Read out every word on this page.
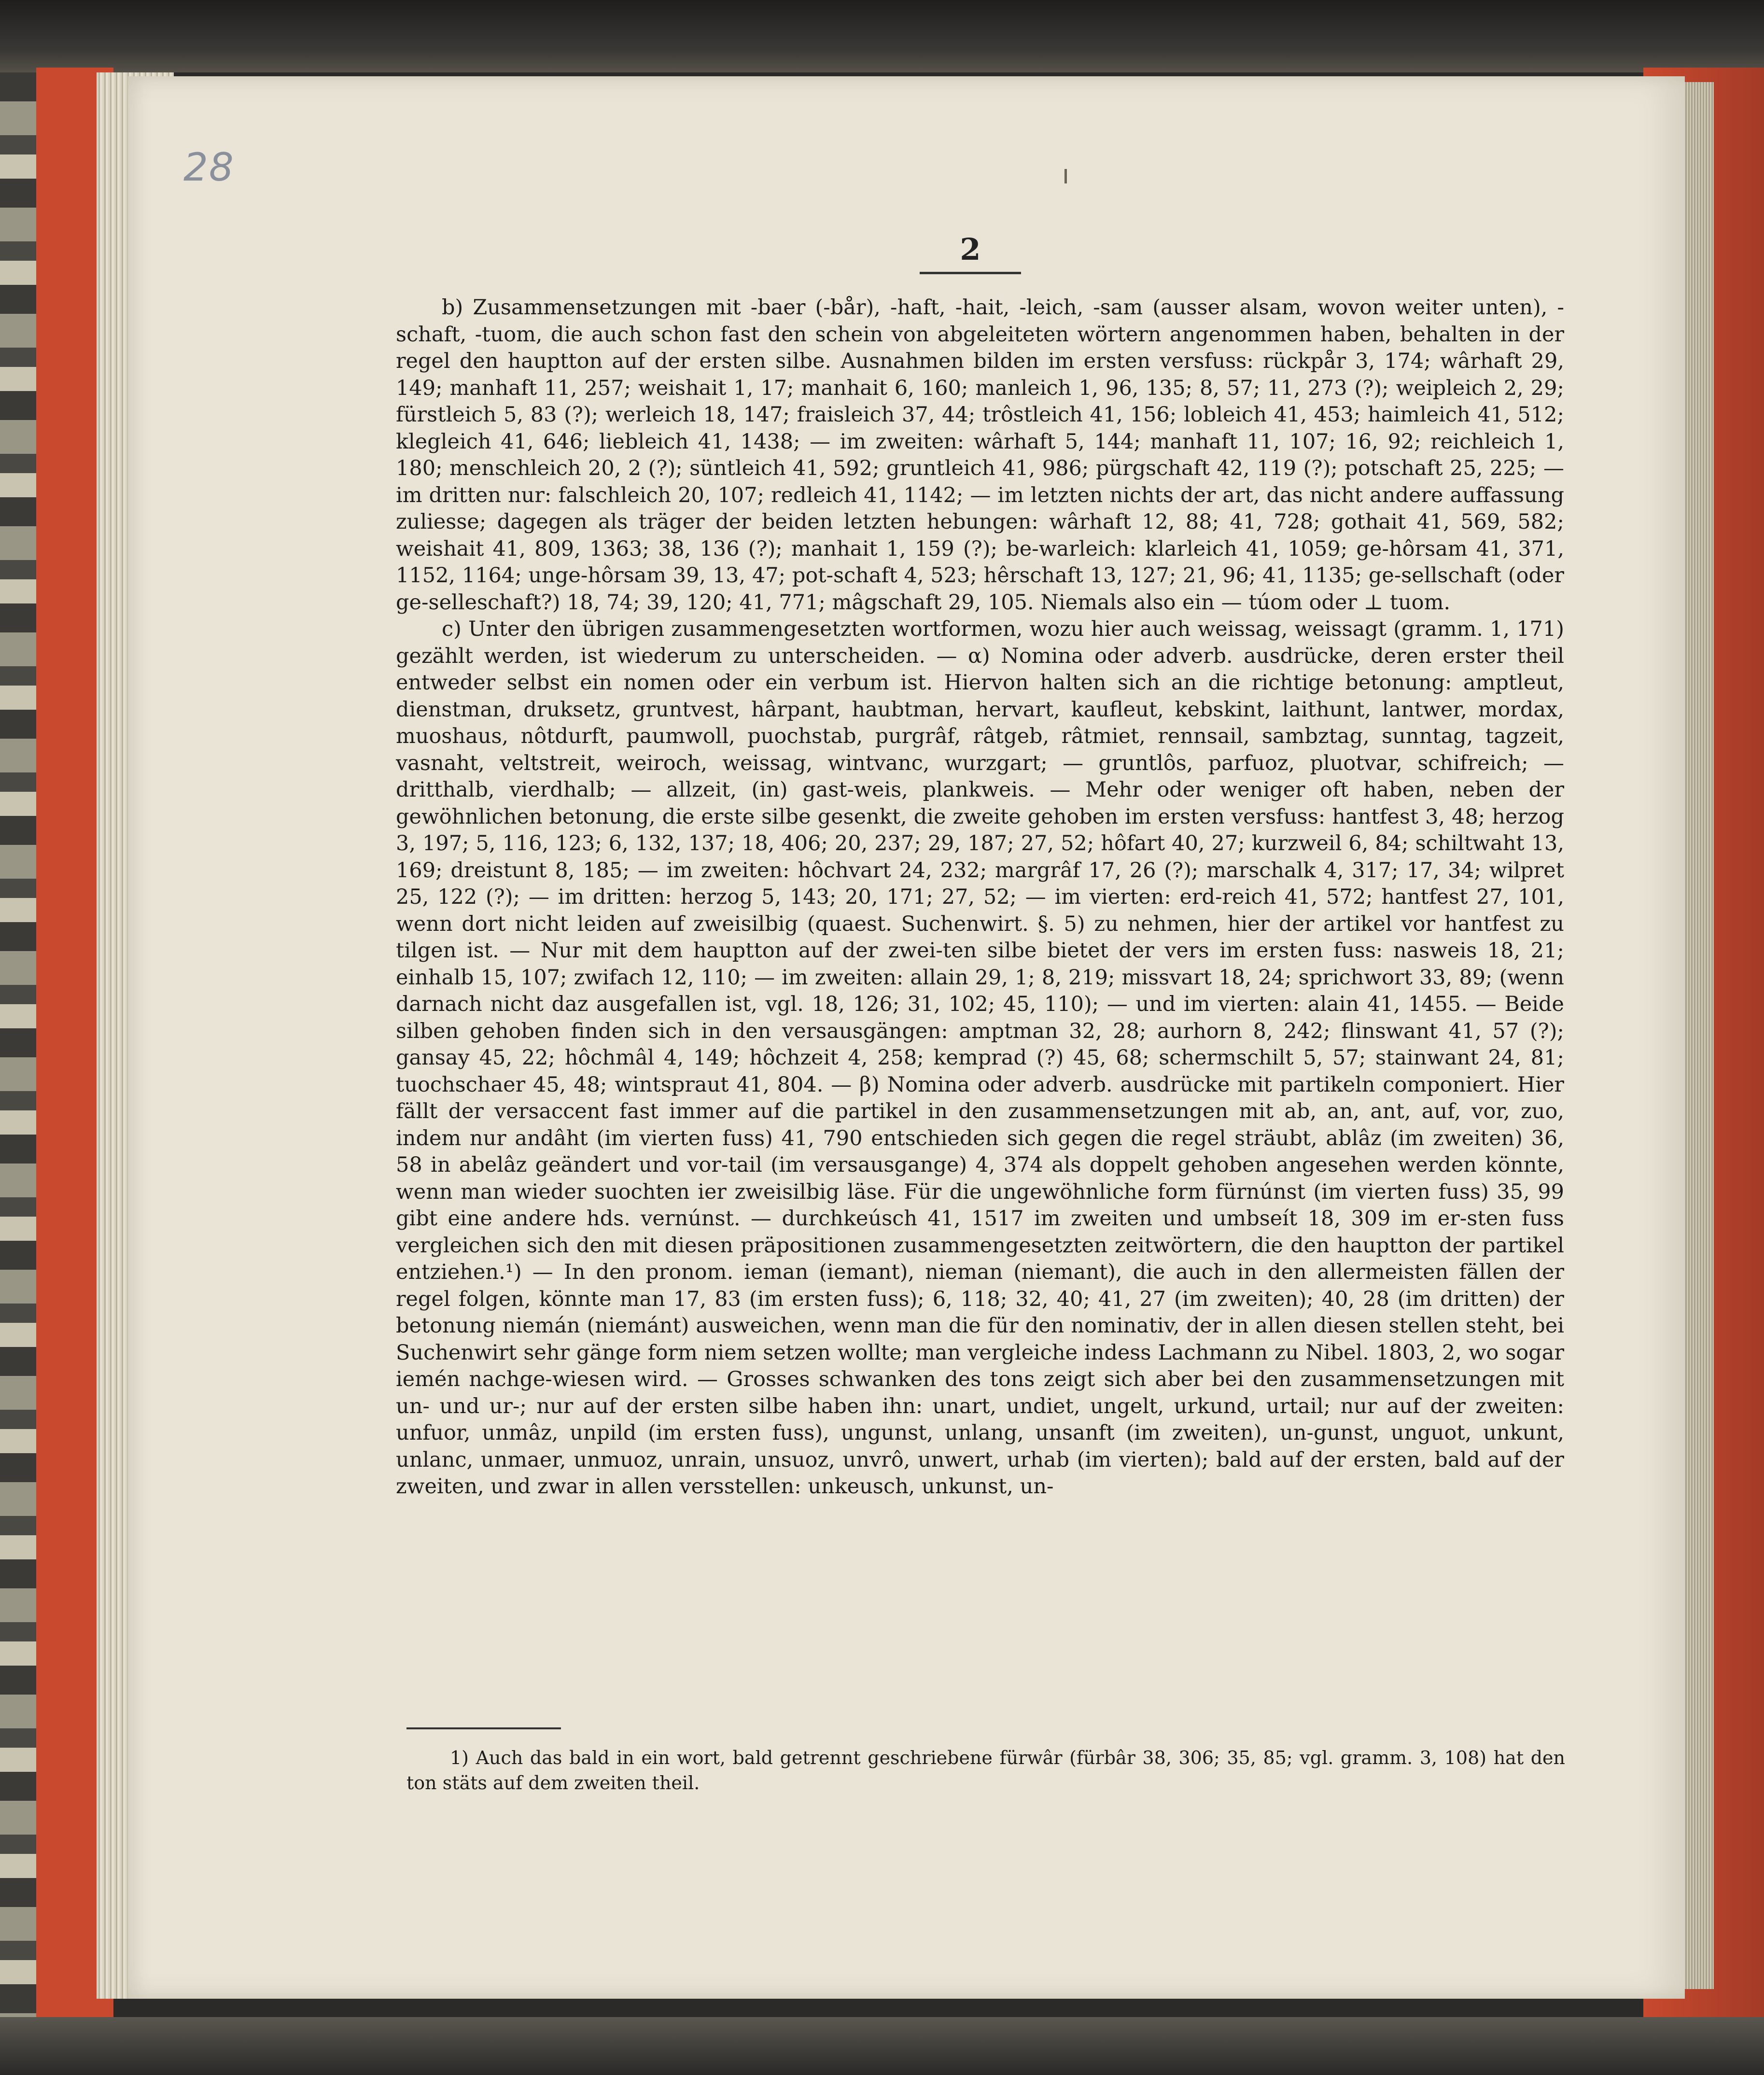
28
2

b) Zusammensetzungen mit -baer (-bår), -haft, -hait, -leich, -sam (ausser alsam, wovon weiter unten), -schaft, -tuom, die auch schon fast den schein von abgeleiteten wörtern angenommen haben, behalten in der regel den hauptton auf der ersten silbe. Ausnahmen bilden im ersten versfuss: rückpår 3, 174; wârhaft 29, 149; manhaft 11, 257; weishait 1, 17; manhait 6, 160; manleich 1, 96, 135; 8, 57; 11, 273 (?); weipleich 2, 29; fürstleich 5, 83 (?); werleich 18, 147; fraisleich 37, 44; trôstleich 41, 156; lobleich 41, 453; haimleich 41, 512; klegleich 41, 646; liebleich 41, 1438; — im zweiten: wârhaft 5, 144; manhaft 11, 107; 16, 92; reichleich 1, 180; menschleich 20, 2 (?); süntleich 41, 592; gruntleich 41, 986; pürgschaft 42, 119 (?); potschaft 25, 225; — im dritten nur: falschleich 20, 107; redleich 41, 1142; — im letzten nichts der art, das nicht andere auffassung zuliesse; dagegen als träger der beiden letzten hebungen: wârhaft 12, 88; 41, 728; gothait 41, 569, 582; weishait 41, 809, 1363; 38, 136 (?); manhait 1, 159 (?); be-warleich: klarleich 41, 1059; ge-hôrsam 41, 371, 1152, 1164; unge-hôrsam 39, 13, 47; pot-schaft 4, 523; hêrschaft 13, 127; 21, 96; 41, 1135; ge-sellschaft (oder ge-selleschaft?) 18, 74; 39, 120; 41, 771; mâgschaft 29, 105. Niemals also ein — túom oder ⊥ tuom.

c) Unter den übrigen zusammengesetzten wortformen, wozu hier auch weissag, weissagt (gramm. 1, 171) gezählt werden, ist wiederum zu unterscheiden. — α) Nomina oder adverb. ausdrücke, deren erster theil entweder selbst ein nomen oder ein verbum ist. Hiervon halten sich an die richtige betonung: amptleut, dienstman, druksetz, gruntvest, hârpant, haubtman, hervart, kaufleut, kebskint, laithunt, lantwer, mordax, muoshaus, nôtdurft, paumwoll, puochstab, purgrâf, râtgeb, râtmiet, rennsail, sambztag, sunntag, tagzeit, vasnaht, veltstreit, weiroch, weissag, wintvanc, wurzgart; — gruntlôs, parfuoz, pluotvar, schifreich; — dritthalb, vierdhalb; — allzeit, (in) gast-weis, plankweis. — Mehr oder weniger oft haben, neben der gewöhnlichen betonung, die erste silbe gesenkt, die zweite gehoben im ersten versfuss: hantfest 3, 48; herzog 3, 197; 5, 116, 123; 6, 132, 137; 18, 406; 20, 237; 29, 187; 27, 52; hôfart 40, 27; kurzweil 6, 84; schiltwaht 13, 169; dreistunt 8, 185; — im zweiten: hôchvart 24, 232; margrâf 17, 26 (?); marschalk 4, 317; 17, 34; wilpret 25, 122 (?); — im dritten: herzog 5, 143; 20, 171; 27, 52; — im vierten: erd-reich 41, 572; hantfest 27, 101, wenn dort nicht leiden auf zweisilbig (quaest. Suchenwirt. §. 5) zu nehmen, hier der artikel vor hantfest zu tilgen ist. — Nur mit dem hauptton auf der zwei-ten silbe bietet der vers im ersten fuss: nasweis 18, 21; einhalb 15, 107; zwifach 12, 110; — im zweiten: allain 29, 1; 8, 219; missvart 18, 24; sprichwort 33, 89; (wenn darnach nicht daz ausgefallen ist, vgl. 18, 126; 31, 102; 45, 110); — und im vierten: alain 41, 1455. — Beide silben gehoben finden sich in den versausgängen: amptman 32, 28; aurhorn 8, 242; flinswant 41, 57 (?); gansay 45, 22; hôchmâl 4, 149; hôchzeit 4, 258; kemprad (?) 45, 68; schermschilt 5, 57; stainwant 24, 81; tuochschaer 45, 48; wintspraut 41, 804. — β) Nomina oder adverb. ausdrücke mit partikeln componiert. Hier fällt der versaccent fast immer auf die partikel in den zusammensetzungen mit ab, an, ant, auf, vor, zuo, indem nur andâht (im vierten fuss) 41, 790 entschieden sich gegen die regel sträubt, ablâz (im zweiten) 36, 58 in abelâz geändert und vor-tail (im versausgange) 4, 374 als doppelt gehoben angesehen werden könnte, wenn man wieder suochten ier zweisilbig läse. Für die ungewöhnliche form fürnúnst (im vierten fuss) 35, 99 gibt eine andere hds. vernúnst. — durchkeúsch 41, 1517 im zweiten und umbseít 18, 309 im er-sten fuss vergleichen sich den mit diesen präpositionen zusammengesetzten zeitwörtern, die den hauptton der partikel entziehen.¹) — In den pronom. ieman (iemant), nieman (niemant), die auch in den allermeisten fällen der regel folgen, könnte man 17, 83 (im ersten fuss); 6, 118; 32, 40; 41, 27 (im zweiten); 40, 28 (im dritten) der betonung niemán (niemánt) ausweichen, wenn man die für den nominativ, der in allen diesen stellen steht, bei Suchenwirt sehr gänge form niem setzen wollte; man vergleiche indess Lachmann zu Nibel. 1803, 2, wo sogar iemén nachge-wiesen wird. — Grosses schwanken des tons zeigt sich aber bei den zusammensetzungen mit un- und ur-; nur auf der ersten silbe haben ihn: unart, undiet, ungelt, urkund, urtail; nur auf der zweiten: unfuor, unmâz, unpild (im ersten fuss), ungunst, unlang, unsanft (im zweiten), un-gunst, unguot, unkunt, unlanc, unmaer, unmuoz, unrain, unsuoz, unvrô, unwert, urhab (im vierten); bald auf der ersten, bald auf der zweiten, und zwar in allen versstellen: unkeusch, unkunst, un-

1) Auch das bald in ein wort, bald getrennt geschriebene fürwâr (fürbâr 38, 306; 35, 85; vgl. gramm. 3, 108) hat den ton stäts auf dem zweiten theil.
